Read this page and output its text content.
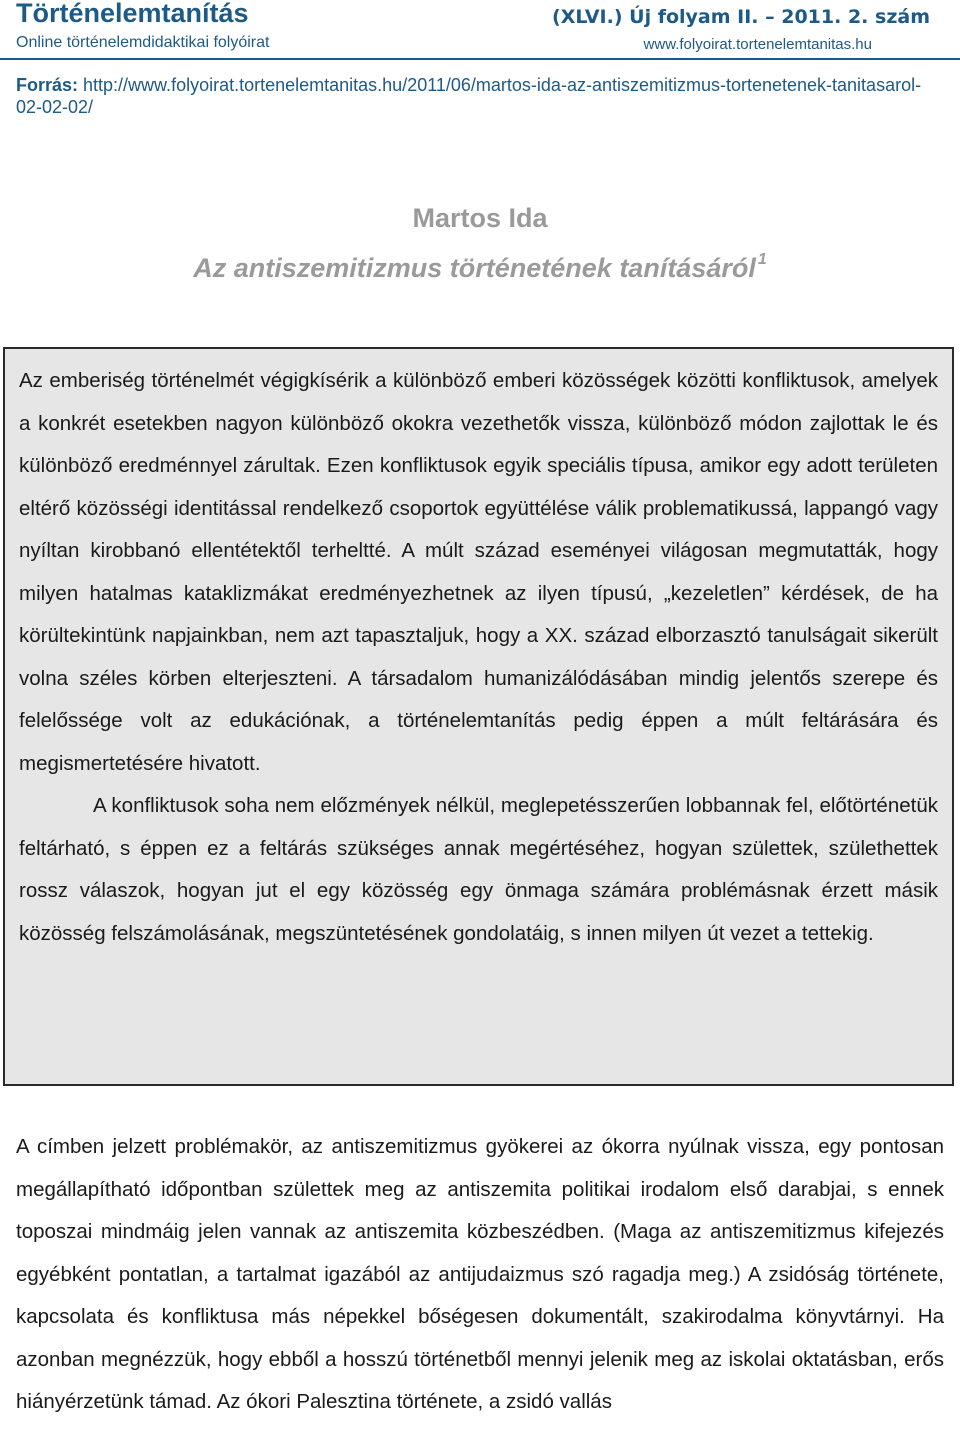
Történelemtanítás
Online történelemdidaktikai folyóirat
(XLVI.) Új folyam II. – 2011. 2. szám
www.folyoirat.tortenelemtanitas.hu
Forrás: http://www.folyoirat.tortenelemtanitas.hu/2011/06/martos-ida-az-antiszemitizmus-tortenetenek-tanitasarol-02-02-02/
Martos Ida
Az antiszemitizmus történetének tanításáról $^1$

Az emberiség történelmét végigkísérik a különböző emberi közösségek közötti konfliktusok, amelyek a konkrét esetekben nagyon különböző okokra vezethetők vissza, különböző módon zajlottak le és különböző eredménnyel zárultak. Ezen konfliktusok egyik speciális típusa, amikor egy adott területen eltérő közösségi identitással rendelkező csoportok együttélése válik problematikussá, lappangó vagy nyíltan kirobbanó ellentétektől terheltté. A múlt század eseményei világosan megmutatták, hogy milyen hatalmas kataklizmákat eredményezhetnek az ilyen típusú, „kezeletlen” kérdések, de ha körültekintünk napjainkban, nem azt tapasztaljuk, hogy a XX. század elborzasztó tanulságait sikerült volna széles körben elterjeszteni. A társadalom humanizálódásában mindig jelentős szerepe és felelőssége volt az edukációnak, a történelemtanítás pedig éppen a múlt feltárására és megismertetésére hivatott.

A konfliktusok soha nem előzmények nélkül, meglepetésszerűen lobbannak fel, előtörténetük feltárható, s éppen ez a feltárás szükséges annak megértéséhez, hogyan születtek, születhettek rossz válaszok, hogyan jut el egy közösség egy önmaga számára problémásnak érzett másik közösség felszámolásának, megszüntetésének gondolatáig, s innen milyen út vezet a tettekig.

A címben jelzett problémakör, az antiszemitizmus gyökerei az ókorra nyúlnak vissza, egy pontosan megállapítható időpontban születtek meg az antiszemita politikai irodalom első darabjai, s ennek toposzai mindmáig jelen vannak az antiszemita közbeszédben. (Maga az antiszemitizmus kifejezés egyébként pontatlan, a tartalmat igazából az antijudaizmus szó ragadja meg.) A zsidóság története, kapcsolata és konfliktusa más népekkel bőségesen dokumentált, szakirodalma könyvtárnyi. Ha azonban megnézzük, hogy ebből a hosszú történetből mennyi jelenik meg az iskolai oktatásban, erős hiányérzetünk támad. Az ókori Palesztina története, a zsidó vallás
